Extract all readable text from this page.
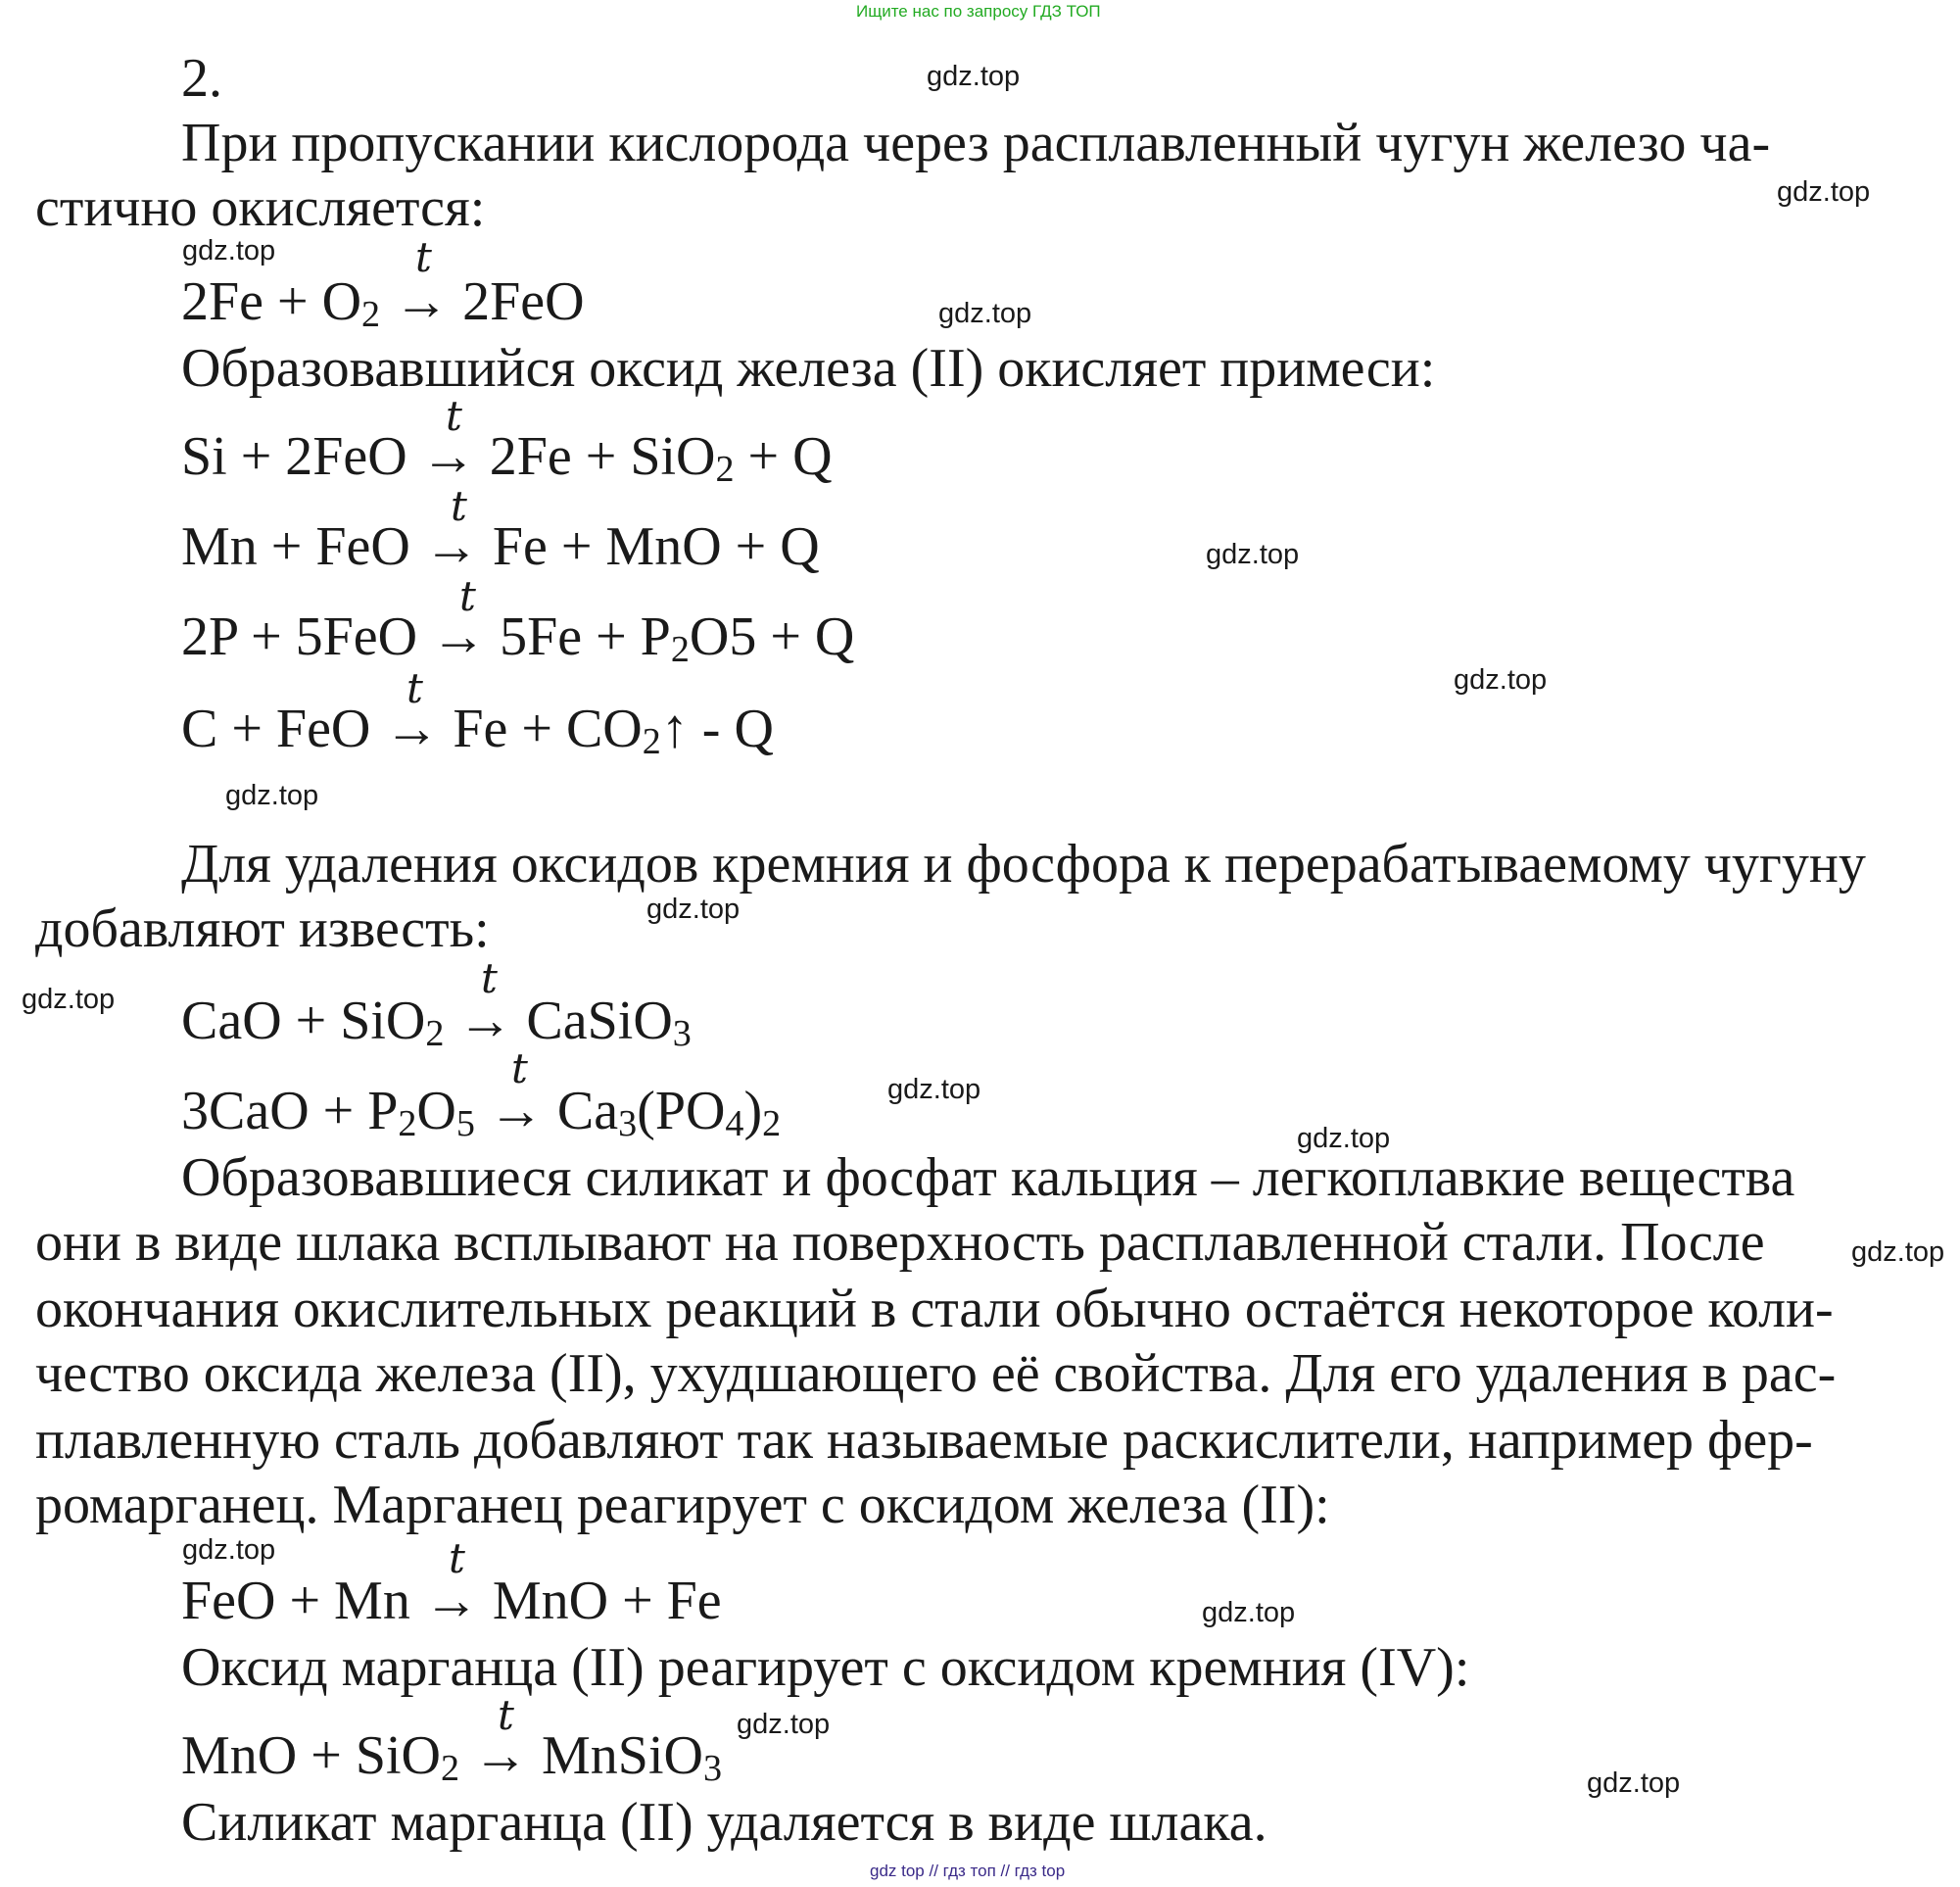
Ищите нас по запросу ГДЗ ТОП
2.
При пропускании кислорода через расплавленный чугун железо ча-
стично окисляется:
$2Fe + O_2 \to 2FeO$
t
Образовавшийся оксид железа (II) окисляет примеси:
Si + 2FeO → 2Fe + SiO$_2$ + Q
t
Mn + FeO → Fe + MnO + Q
t
$2P + 5FeO \to 5Fe + P_2O5 + Q$
t
C + FeO → $Fe + CO_2↑ - Q$
t
Для удаления оксидов кремния и фосфора к перерабатываемому чугуну
добавляют известь:
CaO + SiO$_2$ → CaSiO$_3$
t
$3CaO + P_2O_5 \to Ca_3(PO_4)_2$
t
Образовавшиеся силикат и фосфат кальция – легкоплавкие вещества
они в виде шлака всплывают на поверхность расплавленной стали. После
окончания окислительных реакций в стали обычно остаётся некоторое коли-
чество оксида железа (II), ухудшающего её свойства. Для его удаления в рас-
плавленную сталь добавляют так называемые раскислители, например фер-
ромарганец. Марганец реагирует с оксидом железа (II):
FeO + Mn → MnO + Fe
t
Оксид марганца (II) реагирует с оксидом кремния (IV):
MnO + SiO$_2$ → MnSiO$_3$
t
Силикат марганца (II) удаляется в виде шлака.
gdz.top
gdz.top
gdz.top
gdz.top
gdz.top
gdz.top
gdz.top
gdz.top
gdz.top
gdz.top
gdz.top
gdz.top
gdz.top
gdz.top
gdz.top
gdz.top
gdz top // гдз топ // гдз top
